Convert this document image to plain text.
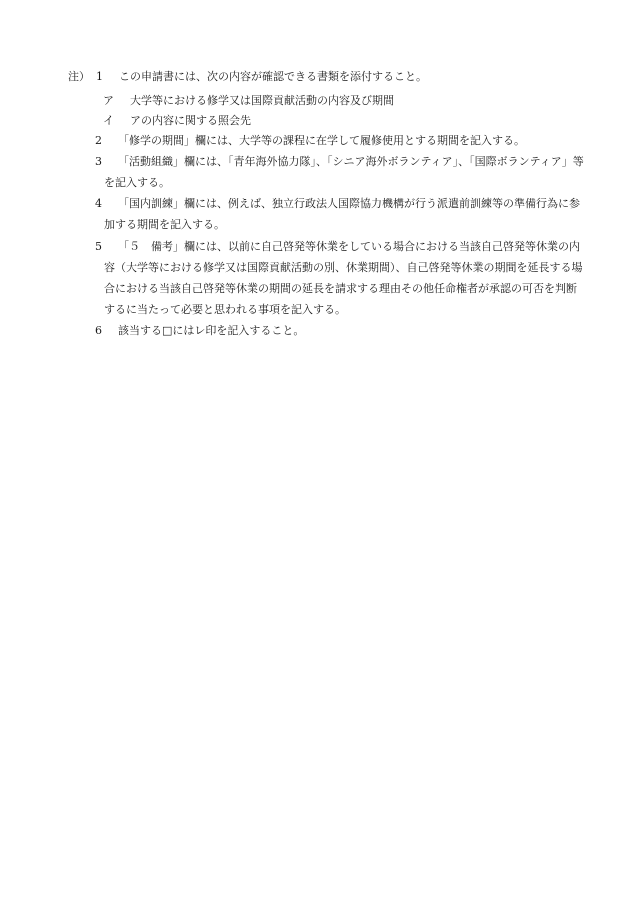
注） 1 この申請書には、次の内容が確認できる書類を添付すること。
ア 大学等における修学又は国際貢献活動の内容及び期間
イ アの内容に関する照会先
2 「修学の期間」欄には、大学等の課程に在学して履修使用とする期間を記入する。
3 「活動組織」欄には、「青年海外協力隊」、「シニア海外ボランティア」、「国際ボランティア」等
を記入する。
4 「国内訓練」欄には、例えば、独立行政法人国際協力機構が行う派遣前訓練等の準備行為に参
加する期間を記入する。
5 「５　備考」欄には、以前に自己啓発等休業をしている場合における当該自己啓発等休業の内
容（大学等における修学又は国際貢献活動の別、休業期間）、自己啓発等休業の期間を延長する場
合における当該自己啓発等休業の期間の延長を請求する理由その他任命権者が承認の可否を判断
するに当たって必要と思われる事項を記入する。
6 該当する□にはレ印を記入すること。
